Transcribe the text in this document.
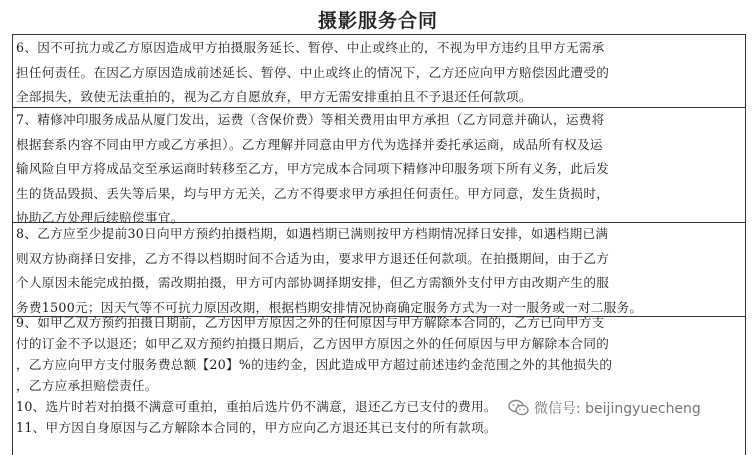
摄影服务合同
6、因不可抗力或乙方原因造成甲方拍摄服务延长、暂停、中止或终止的，不视为甲方违约且甲方无需承
担任何责任。在因乙方原因造成前述延长、暂停、中止或终止的情况下，乙方还应向甲方赔偿因此遭受的
全部损失，致使无法重拍的，视为乙方自愿放弃，甲方无需安排重拍且不予退还任何款项。
7、精修冲印服务成品从厦门发出，运费（含保价费）等相关费用由甲方承担（乙方同意并确认，运费将
根据套系内容不同由甲方或乙方承担）。乙方理解并同意由甲方代为选择并委托承运商，成品所有权及运
输风险自甲方将成品交至承运商时转移至乙方，甲方完成本合同项下精修冲印服务项下所有义务，此后发
生的货品毁损、丢失等后果，均与甲方无关，乙方不得要求甲方承担任何责任。甲方同意，发生货损时，
协助乙方处理后续赔偿事宜。
8、乙方应至少提前30日向甲方预约拍摄档期，如遇档期已满则按甲方档期情况择日安排，如遇档期已满
则双方协商择日安排，乙方不得以档期时间不合适为由，要求甲方退还任何款项。在拍摄期间，由于乙方
个人原因未能完成拍摄，需改期拍摄，甲方可内部协调择期安排，但乙方需额外支付甲方由改期产生的服
务费1500元；因天气等不可抗力原因改期，根据档期安排情况协商确定服务方式为一对一服务或一对二服务。
9、如甲乙双方预约拍摄日期前，乙方因甲方原因之外的任何原因与甲方解除本合同的，乙方已向甲方支
付的订金不予以退还；如甲乙双方预约拍摄日期后，乙方因甲方原因之外的任何原因与甲方解除本合同的
，乙方应向甲方支付服务费总额【20】%的违约金，因此造成甲方超过前述违约金范围之外的其他损失的
，乙方应承担赔偿责任。
10、选片时若对拍摄不满意可重拍，重拍后选片仍不满意，退还乙方已支付的费用。
11、甲方因自身原因与乙方解除本合同的，甲方应向乙方退还其已支付的所有款项。
微信号: beijingyuecheng
